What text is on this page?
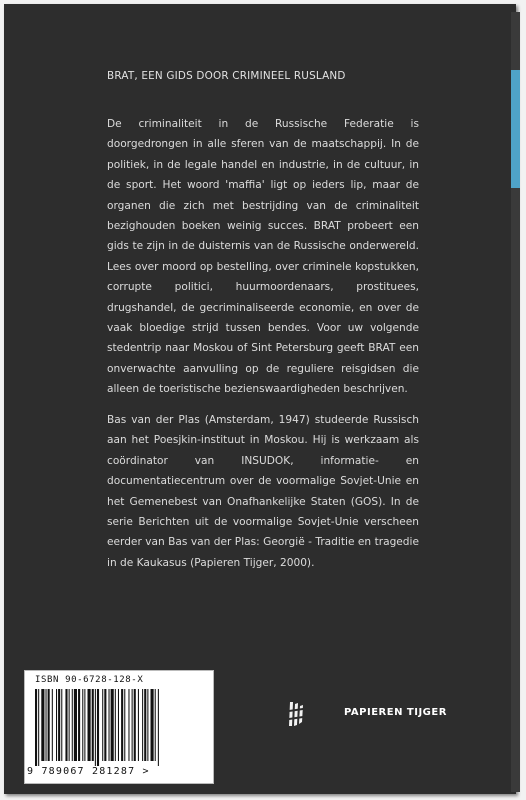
BRAT, EEN GIDS DOOR CRIMINEEL RUSLAND

De criminaliteit in de Russische Federatie is doorgedrongen in alle sferen van de maatschappij. In de politiek, in de legale handel en industrie, in de cultuur, in de sport. Het woord 'maffia' ligt op ieders lip, maar de organen die zich met bestrijding van de criminaliteit bezighouden boeken weinig succes. BRAT probeert een gids te zijn in de duisternis van de Russische onderwereld. Lees over moord op bestelling, over criminele kopstukken, corrupte politici, huurmoordenaars, prostituees, drugshandel, de gecriminaliseerde economie, en over de vaak bloedige strijd tussen bendes. Voor uw volgende stedentrip naar Moskou of Sint Petersburg geeft BRAT een onverwachte aanvulling op de reguliere reisgidsen die alleen de toeristische bezienswaardigheden beschrijven.

Bas van der Plas (Amsterdam, 1947) studeerde Russisch aan het Poesjkin-instituut in Moskou. Hij is werkzaam als coördinator van INSUDOK, informatie- en documentatiecentrum over de voormalige Sovjet-Unie en het Gemenebest van Onafhankelijke Staten (GOS). In de serie Berichten uit de voormalige Sovjet-Unie verscheen eerder van Bas van der Plas: Georgië - Traditie en tragedie in de Kaukasus (Papieren Tijger, 2000).

ISBN 90-6728-128-X

9 789067 281287 >

PAPIEREN TIJGER
